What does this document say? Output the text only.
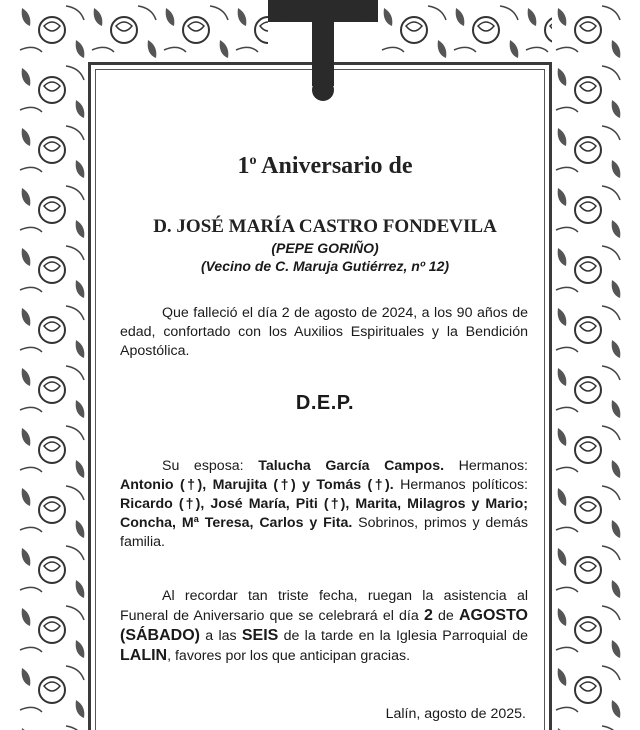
1$^o$ Aniversario de
D. JOSÉ MARÍA CASTRO FONDEVILA
(PEPE GORIÑO)
(Vecino de C. Maruja Gutiérrez, nº 12)
Que falleció el día 2 de agosto de 2024, a los 90 años de edad, confortado con los Auxilios Espirituales y la Bendición Apostólica.
D.E.P.
Su esposa: Talucha García Campos. Hermanos: Antonio (†), Marujita (†) y Tomás (†). Hermanos políticos: Ricardo (†), José María, Piti (†), Marita, Milagros y Mario; Concha, Mª Teresa, Carlos y Fita. Sobrinos, primos y demás familia.
Al recordar tan triste fecha, ruegan la asistencia al Funeral de Aniversario que se celebrará el día 2 de AGOSTO (SÁBADO) a las SEIS de la tarde en la Iglesia Parroquial de LALIN, favores por los que anticipan gracias.
Lalín, agosto de 2025.
